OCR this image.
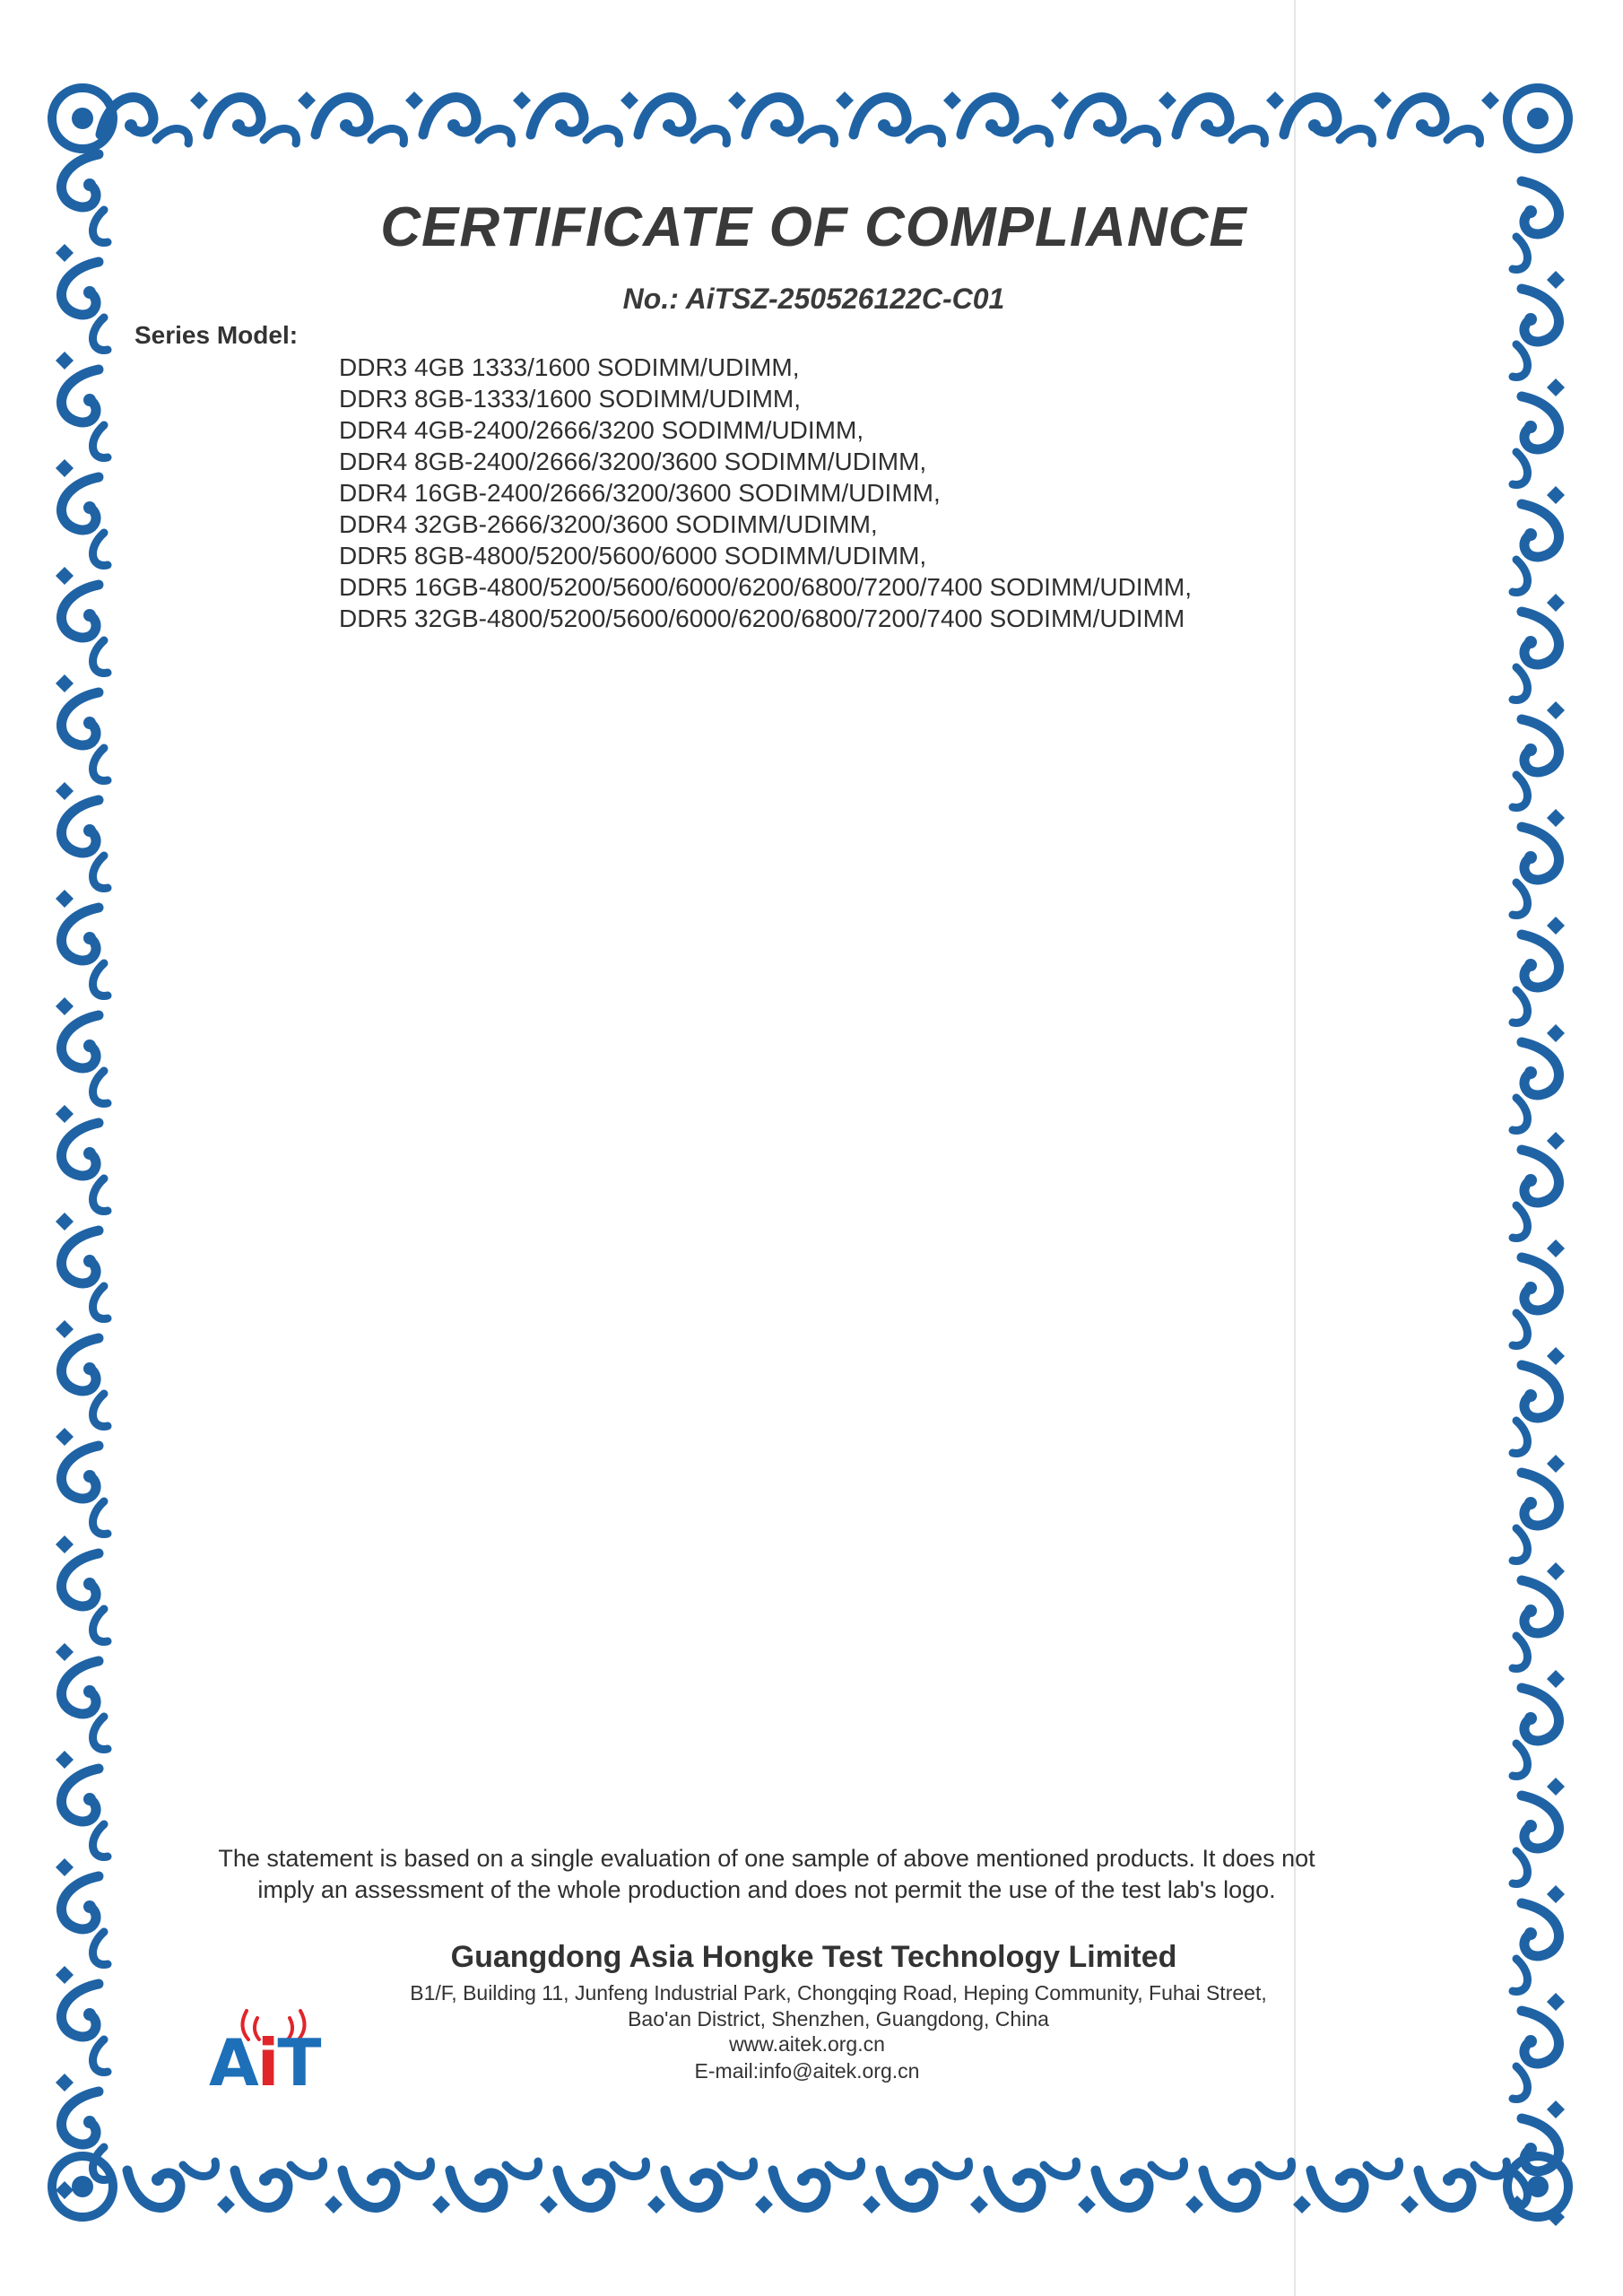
CERTIFICATE OF COMPLIANCE
No.: AiTSZ-250526122C-C01
Series Model:
DDR3 4GB 1333/1600 SODIMM/UDIMM,
DDR3 8GB-1333/1600 SODIMM/UDIMM,
DDR4 4GB-2400/2666/3200 SODIMM/UDIMM,
DDR4 8GB-2400/2666/3200/3600 SODIMM/UDIMM,
DDR4 16GB-2400/2666/3200/3600 SODIMM/UDIMM,
DDR4 32GB-2666/3200/3600 SODIMM/UDIMM,
DDR5 8GB-4800/5200/5600/6000 SODIMM/UDIMM,
DDR5 16GB-4800/5200/5600/6000/6200/6800/7200/7400 SODIMM/UDIMM,
DDR5 32GB-4800/5200/5600/6000/6200/6800/7200/7400 SODIMM/UDIMM
The statement is based on a single evaluation of one sample of above mentioned products. It does not
imply an assessment of the whole production and does not permit the use of the test lab's logo.
Guangdong Asia Hongke Test Technology Limited
B1/F, Building 11, Junfeng Industrial Park, Chongqing Road, Heping Community, Fuhai Street,
Bao'an District, Shenzhen, Guangdong, China
www.aitek.org.cn
E-mail:info@aitek.org.cn
AiT
